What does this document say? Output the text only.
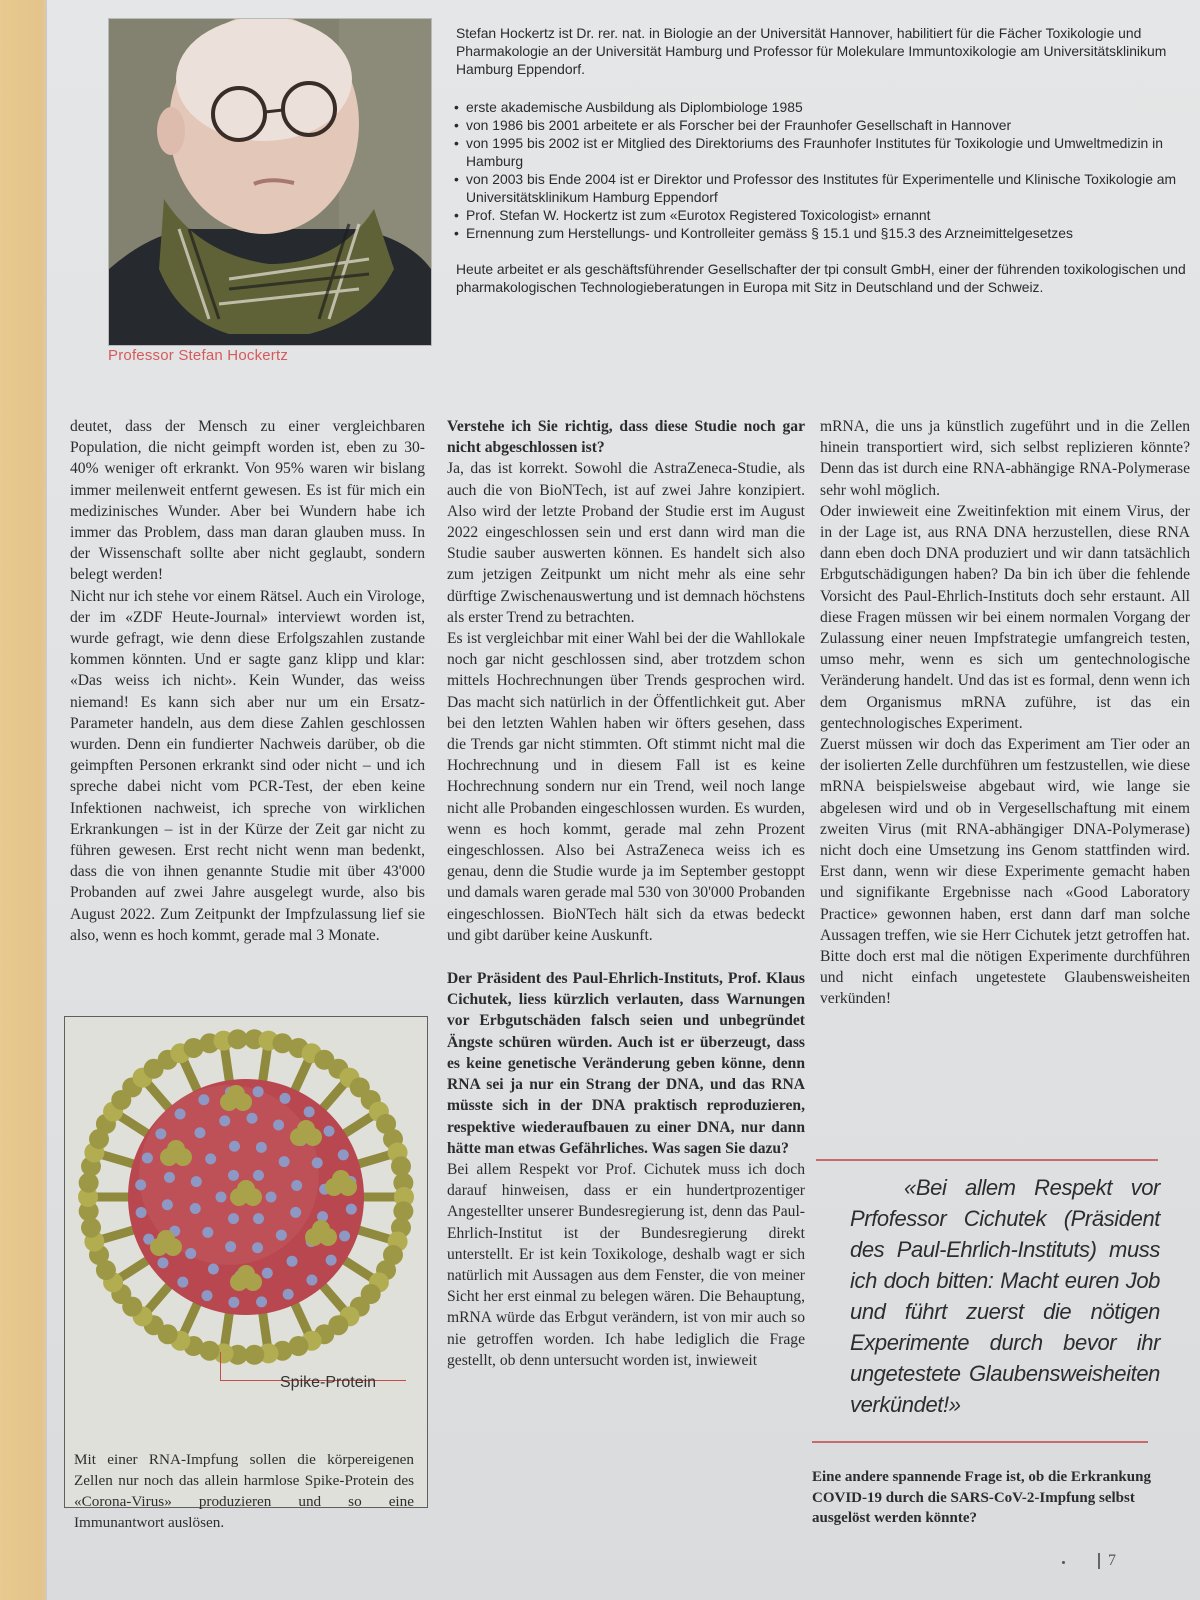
Professor Stefan Hockertz

Stefan Hockertz ist Dr. rer. nat. in Biologie an der Universität Hannover, habilitiert für die Fächer Toxikologie und Pharmakologie an der Universität Hamburg und Professor für Molekulare Immuntoxikologie am Universitätsklinikum Hamburg Eppendorf.

• erste akademische Ausbildung als Diplombiologe 1985
• von 1986 bis 2001 arbeitete er als Forscher bei der Fraunhofer Gesellschaft in Hannover
• von 1995 bis 2002 ist er Mitglied des Direktoriums des Fraunhofer Institutes für Toxikologie und Umweltmedizin in Hamburg
• von 2003 bis Ende 2004 ist er Direktor und Professor des Institutes für Experimentelle und Klinische Toxikologie am Universitätsklinikum Hamburg Eppendorf
• Prof. Stefan W. Hockertz ist zum «Eurotox Registered Toxicologist» ernannt
• Ernennung zum Herstellungs- und Kontrolleiter gemäss § 15.1 und §15.3 des Arzneimittelgesetzes

Heute arbeitet er als geschäftsführender Gesellschafter der tpi consult GmbH, einer der führenden toxikologischen und pharmakologischen Technologieberatungen in Europa mit Sitz in Deutschland und der Schweiz.

deutet, dass der Mensch zu einer vergleichbaren Population, die nicht geimpft worden ist, eben zu 30-40% weniger oft erkrankt. Von 95% waren wir bislang immer meilenweit entfernt gewesen. Es ist für mich ein medizinisches Wunder. Aber bei Wundern habe ich immer das Problem, dass man daran glauben muss. In der Wissenschaft sollte aber nicht geglaubt, sondern belegt werden!

Nicht nur ich stehe vor einem Rätsel. Auch ein Virologe, der im «ZDF Heute-Journal» interviewt worden ist, wurde gefragt, wie denn diese Erfolgszahlen zustande kommen könnten. Und er sagte ganz klipp und klar: «Das weiss ich nicht». Kein Wunder, das weiss niemand! Es kann sich aber nur um ein Ersatz-Parameter handeln, aus dem diese Zahlen geschlossen wurden. Denn ein fundierter Nachweis darüber, ob die geimpften Personen erkrankt sind oder nicht – und ich spreche dabei nicht vom PCR-Test, der eben keine Infektionen nachweist, ich spreche von wirklichen Erkrankungen – ist in der Kürze der Zeit gar nicht zu führen gewesen. Erst recht nicht wenn man bedenkt, dass die von ihnen genannte Studie mit über 43'000 Probanden auf zwei Jahre ausgelegt wurde, also bis August 2022. Zum Zeitpunkt der Impfzulassung lief sie also, wenn es hoch kommt, gerade mal 3 Monate.

Spike-Protein

Mit einer RNA-Impfung sollen die körpereigenen Zellen nur noch das allein harmlose Spike-Protein des «Corona-Virus» produzieren und so eine Immunantwort auslösen.

Verstehe ich Sie richtig, dass diese Studie noch gar nicht abgeschlossen ist?

Ja, das ist korrekt. Sowohl die AstraZeneca-Studie, als auch die von BioNTech, ist auf zwei Jahre konzipiert. Also wird der letzte Proband der Studie erst im August 2022 eingeschlossen sein und erst dann wird man die Studie sauber auswerten können. Es handelt sich also zum jetzigen Zeitpunkt um nicht mehr als eine sehr dürftige Zwischenauswertung und ist demnach höchstens als erster Trend zu betrachten.

Es ist vergleichbar mit einer Wahl bei der die Wahllokale noch gar nicht geschlossen sind, aber trotzdem schon mittels Hochrechnungen über Trends gesprochen wird. Das macht sich natürlich in der Öffentlichkeit gut. Aber bei den letzten Wahlen haben wir öfters gesehen, dass die Trends gar nicht stimmten. Oft stimmt nicht mal die Hochrechnung und in diesem Fall ist es keine Hochrechnung sondern nur ein Trend, weil noch lange nicht alle Probanden eingeschlossen wurden. Es wurden, wenn es hoch kommt, gerade mal zehn Prozent eingeschlossen. Also bei AstraZeneca weiss ich es genau, denn die Studie wurde ja im September gestoppt und damals waren gerade mal 530 von 30'000 Probanden eingeschlossen. BioNTech hält sich da etwas bedeckt und gibt darüber keine Auskunft.

Der Präsident des Paul-Ehrlich-Instituts, Prof. Klaus Cichutek, liess kürzlich verlauten, dass Warnungen vor Erbgutschäden falsch seien und unbegründet Ängste schüren würden. Auch ist er überzeugt, dass es keine genetische Veränderung geben könne, denn RNA sei ja nur ein Strang der DNA, und das RNA müsste sich in der DNA praktisch reproduzieren, respektive wiederaufbauen zu einer DNA, nur dann hätte man etwas Gefährliches. Was sagen Sie dazu?

Bei allem Respekt vor Prof. Cichutek muss ich doch darauf hinweisen, dass er ein hundertprozentiger Angestellter unserer Bundesregierung ist, denn das Paul-Ehrlich-Institut ist der Bundesregierung direkt unterstellt. Er ist kein Toxikologe, deshalb wagt er sich natürlich mit Aussagen aus dem Fenster, die von meiner Sicht her erst einmal zu belegen wären. Die Behauptung, mRNA würde das Erbgut verändern, ist von mir auch so nie getroffen worden. Ich habe lediglich die Frage gestellt, ob denn untersucht worden ist, inwieweit

mRNA, die uns ja künstlich zugeführt und in die Zellen hinein transportiert wird, sich selbst replizieren könnte? Denn das ist durch eine RNA-abhängige RNA-Polymerase sehr wohl möglich.

Oder inwieweit eine Zweitinfektion mit einem Virus, der in der Lage ist, aus RNA DNA herzustellen, diese RNA dann eben doch DNA produziert und wir dann tatsächlich Erbgutschädigungen haben? Da bin ich über die fehlende Vorsicht des Paul-Ehrlich-Instituts doch sehr erstaunt. All diese Fragen müssen wir bei einem normalen Vorgang der Zulassung einer neuen Impfstrategie umfangreich testen, umso mehr, wenn es sich um gentechnologische Veränderung handelt. Und das ist es formal, denn wenn ich dem Organismus mRNA zuführe, ist das ein gentechnologisches Experiment.

Zuerst müssen wir doch das Experiment am Tier oder an der isolierten Zelle durchführen um festzustellen, wie diese mRNA beispielsweise abgebaut wird, wie lange sie abgelesen wird und ob in Vergesellschaftung mit einem zweiten Virus (mit RNA-abhängiger DNA-Polymerase) nicht doch eine Umsetzung ins Genom stattfinden wird. Erst dann, wenn wir diese Experimente gemacht haben und signifikante Ergebnisse nach «Good Laboratory Practice» gewonnen haben, erst dann darf man solche Aussagen treffen, wie sie Herr Cichutek jetzt getroffen hat. Bitte doch erst mal die nötigen Experimente durchführen und nicht einfach ungetestete Glaubensweisheiten verkünden!

«Bei allem Respekt vor Prfofessor Cichutek (Präsident des Paul-Ehrlich-Instituts) muss ich doch bitten: Macht euren Job und führt zuerst die nötigen Experimente durch bevor ihr ungetestete Glaubensweisheiten verkündet!»

Eine andere spannende Frage ist, ob die Erkrankung COVID-19 durch die SARS-CoV-2-Impfung selbst ausgelöst werden könnte?

7
